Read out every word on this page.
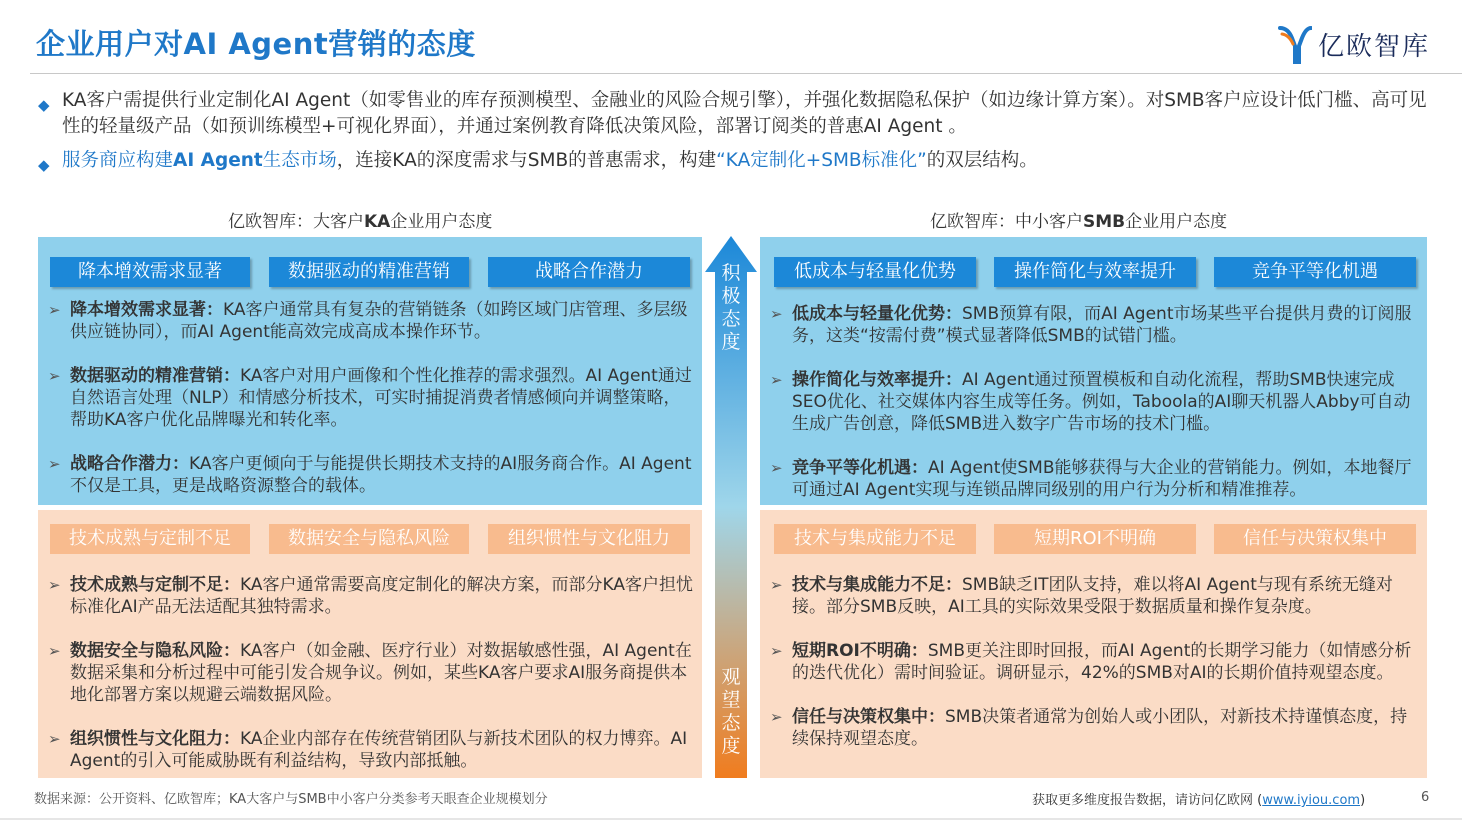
企业用户对AI Agent营销的态度	亿欧智库
◆ KA客户需提供行业定制化AI Agent（如零售业的库存预测模型、金融业的风险合规引擎），并强化数据隐私保护（如边缘计算方案）。对SMB客户应设计低门槛、高可见性的轻量级产品（如预训练模型+可视化界面），并通过案例教育降低决策风险，部署订阅类的普惠AI Agent 。
◆ 服务商应构建AI Agent生态市场，连接KA的深度需求与SMB的普惠需求，构建“KA定制化+SMB标准化”的双层结构。
亿欧智库：大客户KA企业用户态度	亿欧智库：中小客户SMB企业用户态度
降本增效需求显著	数据驱动的精准营销	战略合作潜力
➢ 降本增效需求显著：KA客户通常具有复杂的营销链条（如跨区域门店管理、多层级供应链协同），而AI Agent能高效完成高成本操作环节。
➢ 数据驱动的精准营销：KA客户对用户画像和个性化推荐的需求强烈。AI Agent通过自然语言处理（NLP）和情感分析技术，可实时捕捉消费者情感倾向并调整策略，帮助KA客户优化品牌曝光和转化率。
➢ 战略合作潜力：KA客户更倾向于与能提供长期技术支持的AI服务商合作。AI Agent不仅是工具，更是战略资源整合的载体。
技术成熟与定制不足	数据安全与隐私风险	组织惯性与文化阻力
➢ 技术成熟与定制不足：KA客户通常需要高度定制化的解决方案，而部分KA客户担忧标准化AI产品无法适配其独特需求。
➢ 数据安全与隐私风险：KA客户（如金融、医疗行业）对数据敏感性强，AI Agent在数据采集和分析过程中可能引发合规争议。例如，某些KA客户要求AI服务商提供本地化部署方案以规避云端数据风险。
➢ 组织惯性与文化阻力：KA企业内部存在传统营销团队与新技术团队的权力博弈。AI Agent的引入可能威胁既有利益结构，导致内部抵触。
积极态度
观望态度
低成本与轻量化优势	操作简化与效率提升	竞争平等化机遇
➢ 低成本与轻量化优势：SMB预算有限，而AI Agent市场某些平台提供月费的订阅服务，这类“按需付费”模式显著降低SMB的试错门槛。
➢ 操作简化与效率提升：AI Agent通过预置模板和自动化流程，帮助SMB快速完成SEO优化、社交媒体内容生成等任务。例如，Taboola的AI聊天机器人Abby可自动生成广告创意，降低SMB进入数字广告市场的技术门槛。
➢ 竞争平等化机遇：AI Agent使SMB能够获得与大企业的营销能力。例如，本地餐厅可通过AI Agent实现与连锁品牌同级别的用户行为分析和精准推荐。
技术与集成能力不足	短期ROI不明确	信任与决策权集中
➢ 技术与集成能力不足：SMB缺乏IT团队支持，难以将AI Agent与现有系统无缝对接。部分SMB反映，AI工具的实际效果受限于数据质量和操作复杂度。
➢ 短期ROI不明确：SMB更关注即时回报，而AI Agent的长期学习能力（如情感分析的迭代优化）需时间验证。调研显示，42%的SMB对AI的长期价值持观望态度。
➢ 信任与决策权集中：SMB决策者通常为创始人或小团队，对新技术持谨慎态度，持续保持观望态度。
数据来源：公开资料、亿欧智库；KA大客户与SMB中小客户分类参考天眼查企业规模划分	获取更多维度报告数据，请访问亿欧网 (www.iyiou.com)	6
